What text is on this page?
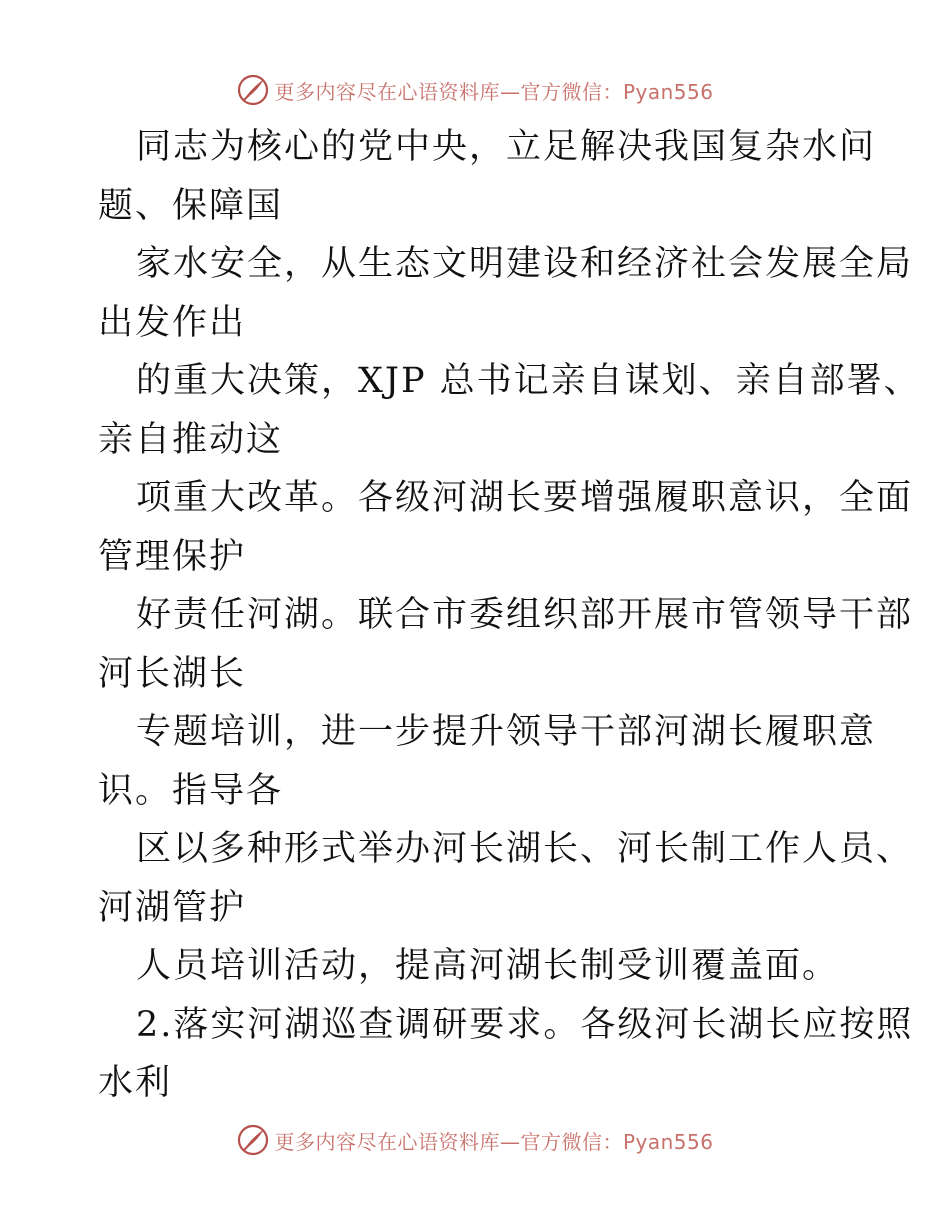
更多内容尽在心语资料库—官方微信：Pyan556
同志为核心的党中央，立足解决我国复杂水问
题、保障国
家水安全，从生态文明建设和经济社会发展全局
出发作出
的重大决策，XJP 总书记亲自谋划、亲自部署、
亲自推动这
项重大改革。各级河湖长要增强履职意识，全面
管理保护
好责任河湖。联合市委组织部开展市管领导干部
河长湖长
专题培训，进一步提升领导干部河湖长履职意
识。指导各
区以多种形式举办河长湖长、河长制工作人员、
河湖管护
人员培训活动，提高河湖长制受训覆盖面。
2.落实河湖巡查调研要求。各级河长湖长应按照
水利
更多内容尽在心语资料库—官方微信：Pyan556
